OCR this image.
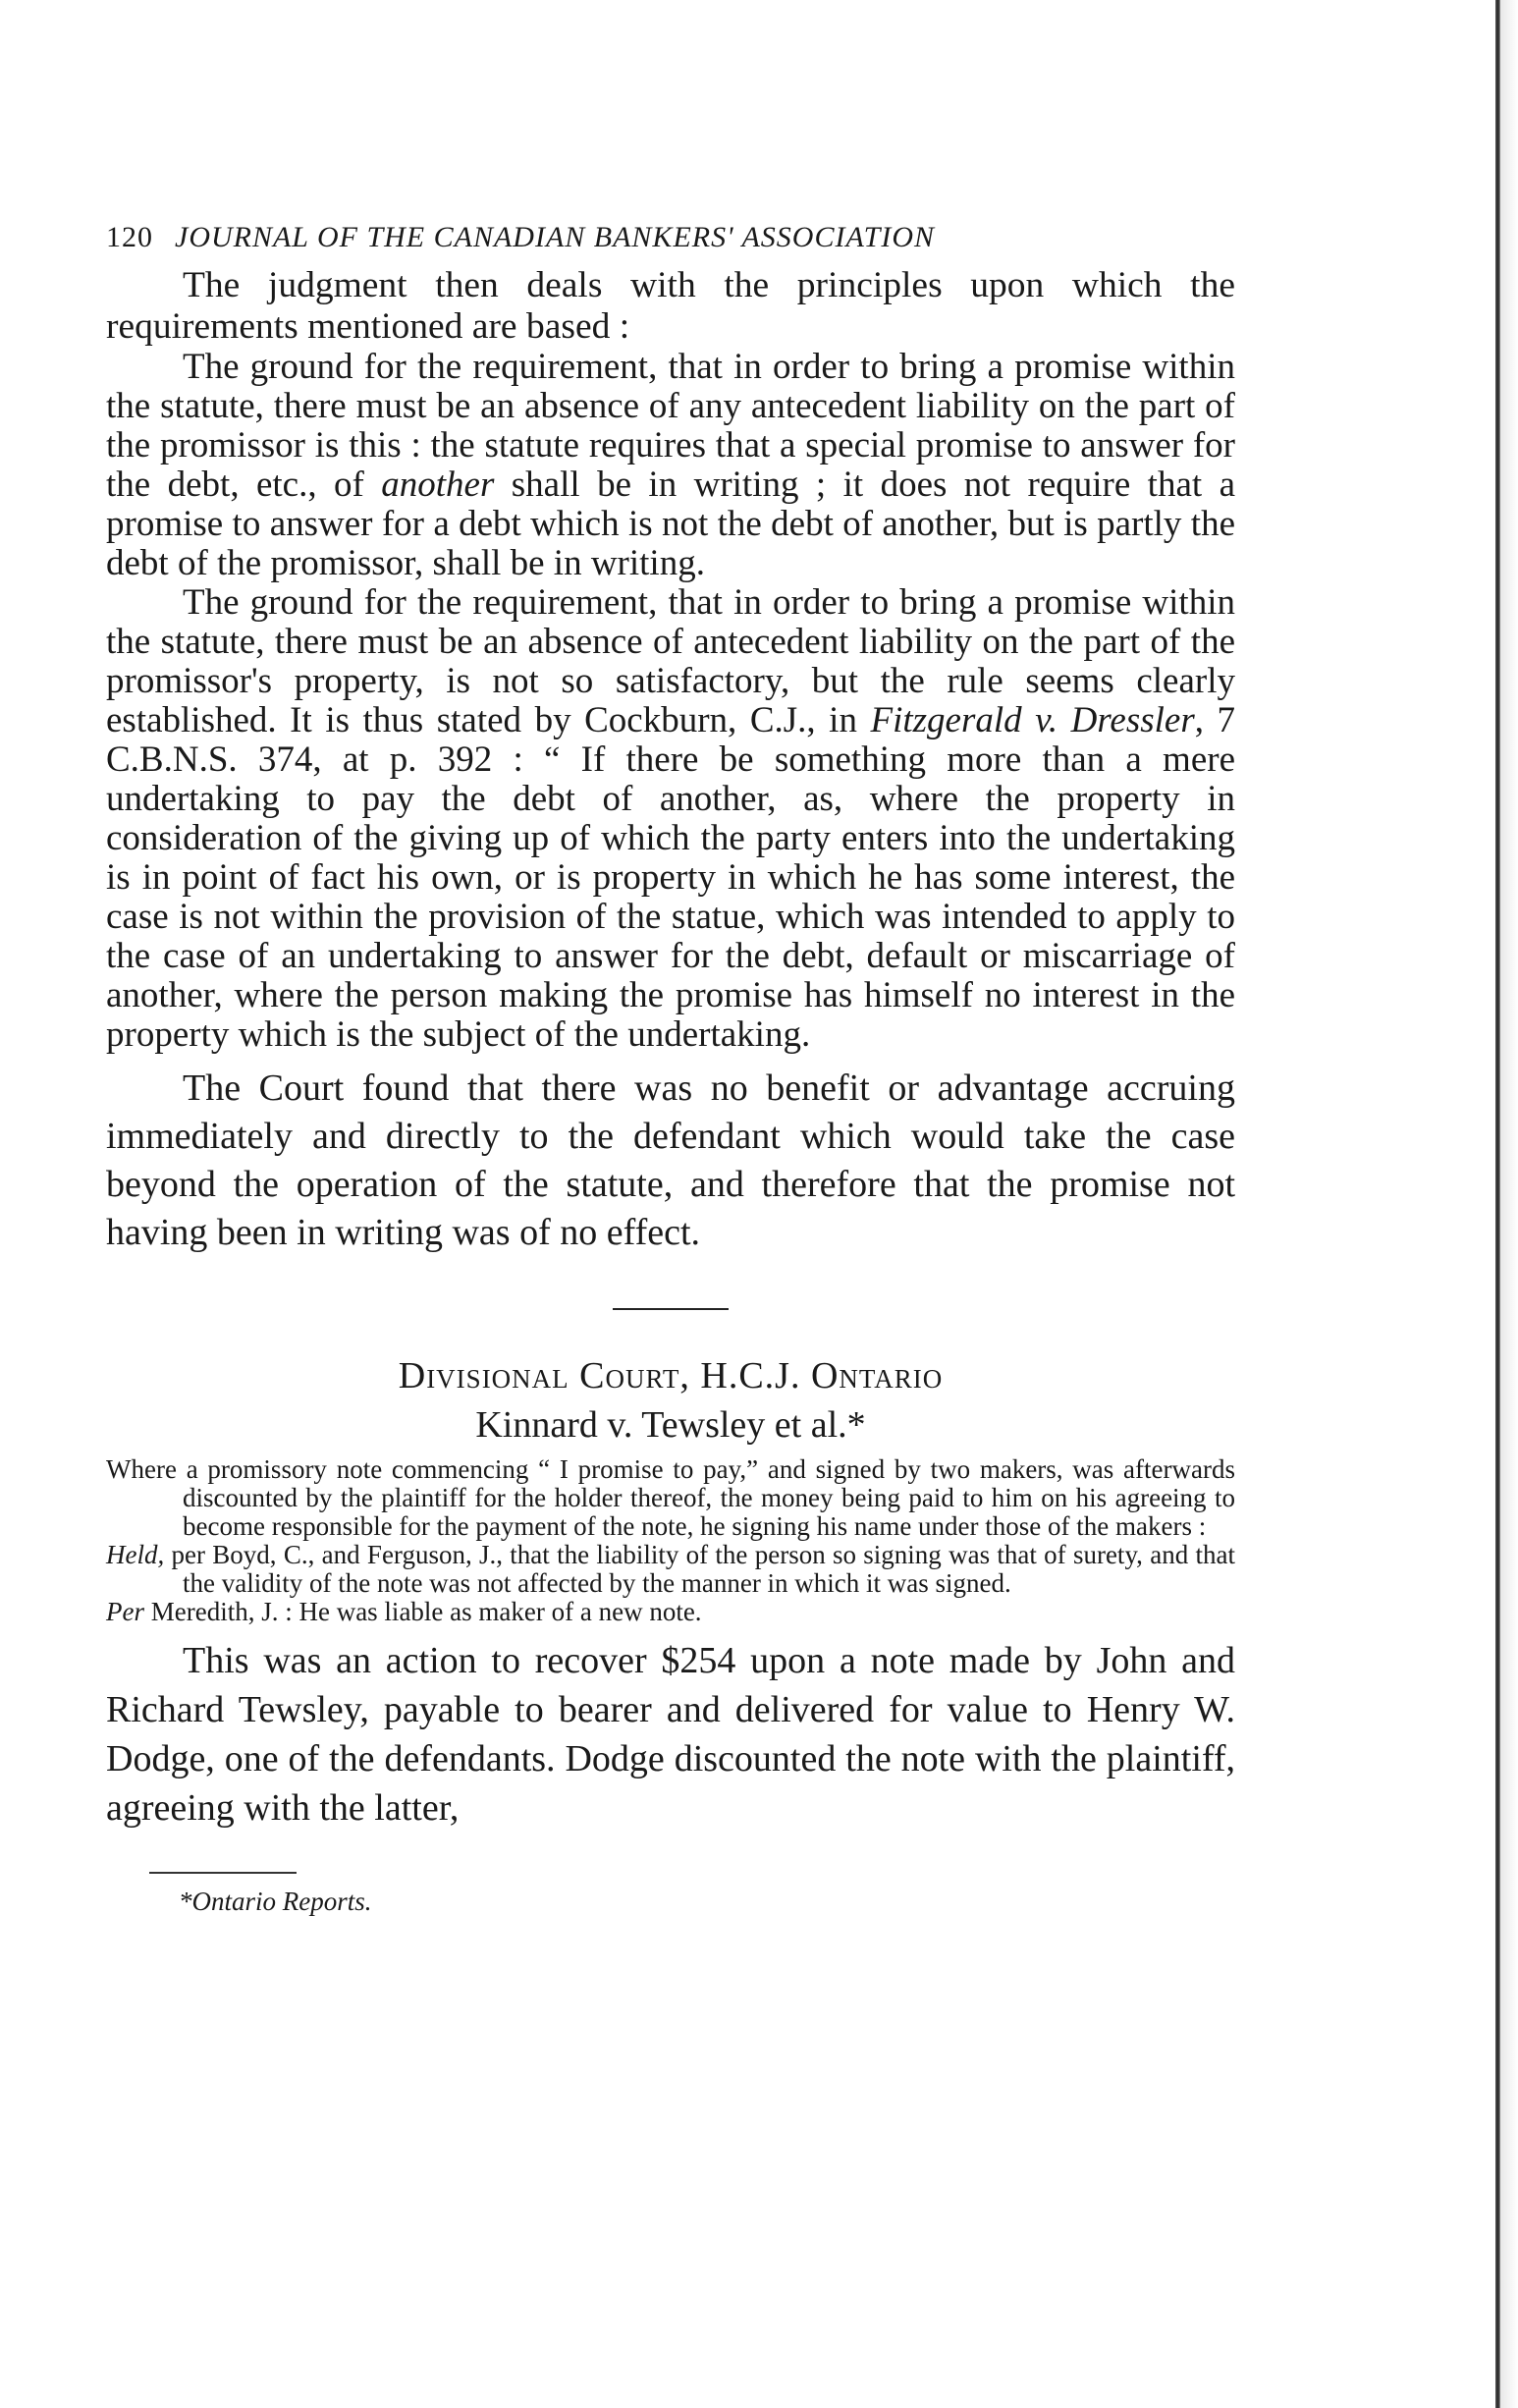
120 JOURNAL OF THE CANADIAN BANKERS' ASSOCIATION

The judgment then deals with the principles upon which the requirements mentioned are based :

The ground for the requirement, that in order to bring a promise within the statute, there must be an absence of any antecedent liability on the part of the promissor is this : the statute requires that a special promise to answer for the debt, etc., of another shall be in writing ; it does not require that a promise to answer for a debt which is not the debt of another, but is partly the debt of the promissor, shall be in writing.

The ground for the requirement, that in order to bring a promise within the statute, there must be an absence of antecedent liability on the part of the promissor's property, is not so satisfactory, but the rule seems clearly established. It is thus stated by Cockburn, C.J., in Fitzgerald v. Dressler, 7 C.B.N.S. 374, at p. 392 : “ If there be something more than a mere undertaking to pay the debt of another, as, where the property in consideration of the giving up of which the party enters into the undertaking is in point of fact his own, or is property in which he has some interest, the case is not within the provision of the statue, which was intended to apply to the case of an undertaking to answer for the debt, default or miscarriage of another, where the person making the promise has himself no interest in the property which is the subject of the undertaking.

The Court found that there was no benefit or advantage accruing immediately and directly to the defendant which would take the case beyond the operation of the statute, and therefore that the promise not having been in writing was of no effect.

Divisional Court, H.C.J. Ontario
Kinnard v. Tewsley et al.*

Where a promissory note commencing “ I promise to pay,” and signed by two makers, was afterwards discounted by the plaintiff for the holder thereof, the money being paid to him on his agreeing to become responsible for the payment of the note, he signing his name under those of the makers :

Held, per Boyd, C., and Ferguson, J., that the liability of the person so signing was that of surety, and that the validity of the note was not affected by the manner in which it was signed.

Per Meredith, J. : He was liable as maker of a new note.

This was an action to recover $254 upon a note made by John and Richard Tewsley, payable to bearer and delivered for value to Henry W. Dodge, one of the defendants. Dodge discounted the note with the plaintiff, agreeing with the latter,

*Ontario Reports.
